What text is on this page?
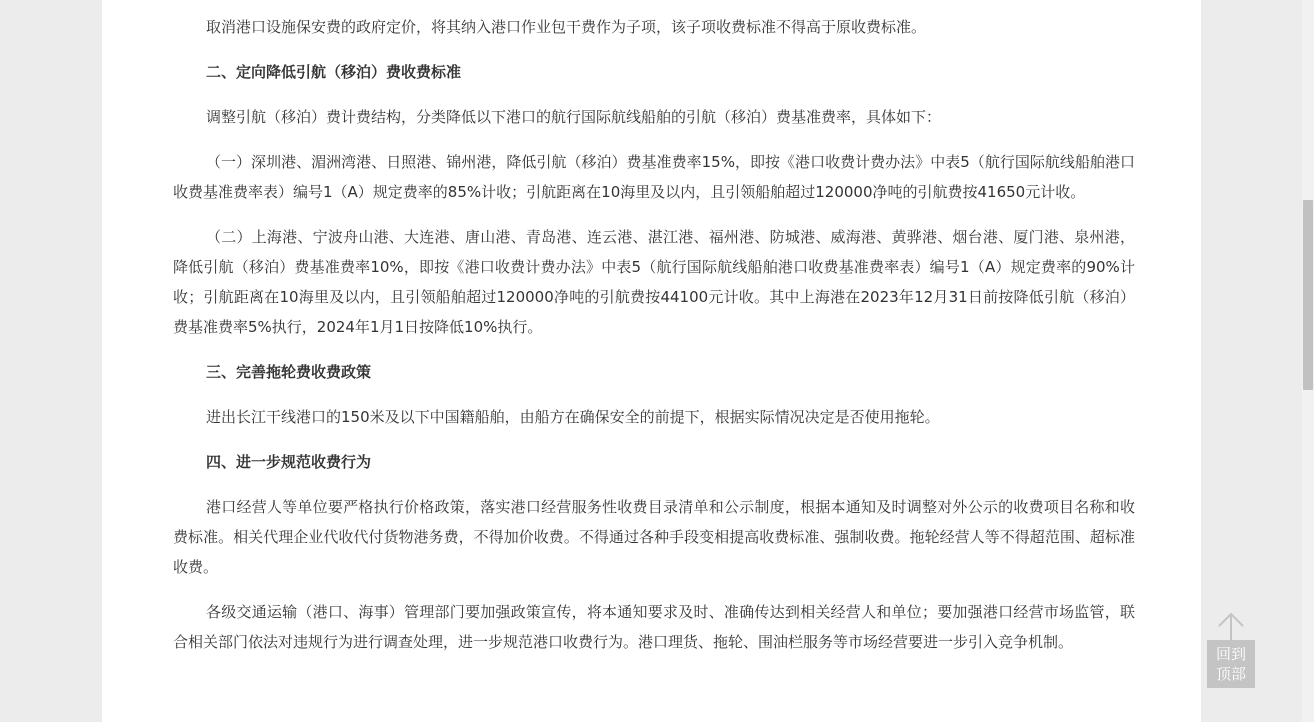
取消港口设施保安费的政府定价，将其纳入港口作业包干费作为子项，该子项收费标准不得高于原收费标准。

二、定向降低引航（移泊）费收费标准

调整引航（移泊）费计费结构，分类降低以下港口的航行国际航线船舶的引航（移泊）费基准费率，具体如下：

（一）深圳港、湄洲湾港、日照港、锦州港，降低引航（移泊）费基准费率15%，即按《港口收费计费办法》中表5（航行国际航线船舶港口收费基准费率表）编号1（A）规定费率的85%计收；引航距离在10海里及以内，且引领船舶超过120000净吨的引航费按41650元计收。

（二）上海港、宁波舟山港、大连港、唐山港、青岛港、连云港、湛江港、福州港、防城港、威海港、黄骅港、烟台港、厦门港、泉州港，降低引航（移泊）费基准费率10%，即按《港口收费计费办法》中表5（航行国际航线船舶港口收费基准费率表）编号1（A）规定费率的90%计收；引航距离在10海里及以内，且引领船舶超过120000净吨的引航费按44100元计收。其中上海港在2023年12月31日前按降低引航（移泊）费基准费率5%执行，2024年1月1日按降低10%执行。

三、完善拖轮费收费政策

进出长江干线港口的150米及以下中国籍船舶，由船方在确保安全的前提下，根据实际情况决定是否使用拖轮。

四、进一步规范收费行为

港口经营人等单位要严格执行价格政策，落实港口经营服务性收费目录清单和公示制度，根据本通知及时调整对外公示的收费项目名称和收费标准。相关代理企业代收代付货物港务费，不得加价收费。不得通过各种手段变相提高收费标准、强制收费。拖轮经营人等不得超范围、超标准收费。

各级交通运输（港口、海事）管理部门要加强政策宣传，将本通知要求及时、准确传达到相关经营人和单位；要加强港口经营市场监管，联合相关部门依法对违规行为进行调查处理，进一步规范港口收费行为。港口理货、拖轮、围油栏服务等市场经营要进一步引入竞争机制。

回到
顶部
